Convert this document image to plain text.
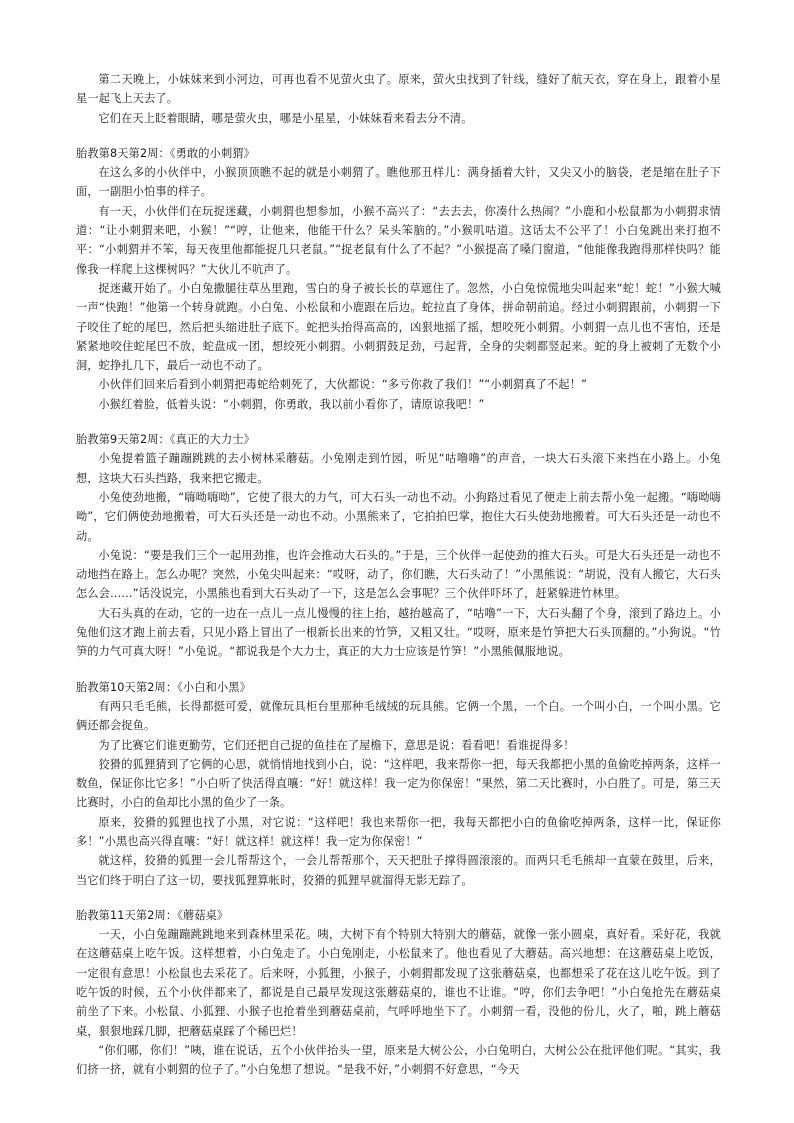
第二天晚上，小妹妹来到小河边，可再也看不见萤火虫了。原来，萤火虫找到了针线，缝好了航天衣，穿在身上，跟着小星星一起飞上天去了。

它们在天上眨着眼睛，哪是萤火虫，哪是小星星，小妹妹看来看去分不清。

胎教第8天第2周：《勇敢的小刺猬》

在这么多的小伙伴中，小猴顶顶瞧不起的就是小刺猬了。瞧他那丑样儿：满身插着大针，又尖又小的脑袋，老是缩在肚子下面，一副胆小怕事的样子。

有一天，小伙伴们在玩捉迷藏，小刺猬也想参加，小猴不高兴了：“去去去，你凑什么热闹？”小鹿和小松鼠都为小刺猬求情道：“让小刺猬来吧，小猴！”“哼，让他来，他能干什么？呆头笨脑的。”小猴叽咕道。这话太不公平了！小白兔跳出来打抱不平：“小刺猬并不笨，每天夜里他都能捉几只老鼠。”“捉老鼠有什么了不起？”小猴提高了嗓门窗道，“他能像我跑得那样快吗？能像我一样爬上这棵树吗？”大伙儿不吭声了。

捉迷藏开始了。小白兔撒腿往草丛里跑，雪白的身子被长长的草遮住了。忽然，小白兔惊慌地尖叫起来“蛇！蛇！”小猴大喊一声“快跑！”他第一个转身就跑。小白兔、小松鼠和小鹿跟在后边。蛇拉直了身体，拼命朝前追。经过小刺猬跟前，小刺猬一下子咬住了蛇的尾巴，然后把头缩进肚子底下。蛇把头抬得高高的，凶狠地摇了摇，想咬死小刺猬。小刺猬一点儿也不害怕，还是紧紧地咬住蛇尾巴不放，蛇盘成一团，想绞死小刺猬。小刺猬鼓足劲，弓起背，全身的尖刺都竖起来。蛇的身上被刺了无数个小洞，蛇挣扎几下，最后一动也不动了。

小伙伴们回来后看到小刺猬把毒蛇给刺死了，大伙都说：“多亏你救了我们！”“小刺猬真了不起！”

小猴红着脸，低着头说：“小刺猬，你勇敢，我以前小看你了，请原谅我吧！”

胎教第9天第2周：《真正的大力士》

小兔提着篮子蹦蹦跳跳的去小树林采蘑菇。小兔刚走到竹园，听见“咕噜噜”的声音，一块大石头滚下来挡在小路上。小兔想，这块大石头挡路，我来把它搬走。

小兔使劲地搬，“嗨呦嗨呦”，它使了很大的力气，可大石头一动也不动。小狗路过看见了便走上前去帮小兔一起搬。“嗨呦嗨呦”，它们俩使劲地搬着，可大石头还是一动也不动。小黑熊来了，它拍拍巴掌，抱住大石头使劲地搬着。可大石头还是一动也不动。

小兔说：“要是我们三个一起用劲推，也许会推动大石头的。”于是，三个伙伴一起使劲的推大石头。可是大石头还是一动也不动地挡在路上。怎么办呢？突然，小兔尖叫起来：“哎呀，动了，你们瞧，大石头动了！”小黑熊说：“胡说，没有人搬它，大石头怎么会……”话没说完，小黑熊也看到大石头动了一下，这是怎么会事呢？三个伙伴吓坏了，赶紧躲进竹林里。

大石头真的在动，它的一边在一点儿一点儿慢慢的往上抬，越抬越高了，“咕噜”一下，大石头翻了个身，滚到了路边上。小兔他们这才跑上前去看，只见小路上冒出了一根新长出来的竹笋，又粗又壮。“哎呀，原来是竹笋把大石头顶翻的。”小狗说。“竹笋的力气可真大呀！”小兔说。“都说我是个大力士，真正的大力士应该是竹笋！”小黑熊佩服地说。

胎教第10天第2周：《小白和小黑》

有两只毛毛熊，长得都挺可爱，就像玩具柜台里那种毛绒绒的玩具熊。它俩一个黑，一个白。一个叫小白，一个叫小黑。它俩还都会捉鱼。

为了比赛它们谁更勤劳，它们还把自己捉的鱼挂在了屋檐下，意思是说：看看吧！看谁捉得多！

狡猾的狐狸猜到了它俩的心思，就悄悄地找到小白，说：“这样吧，我来帮你一把，每天我都把小黑的鱼偷吃掉两条，这样一数鱼，保证你比它多！”小白听了快活得直嚷：“好！就这样！我一定为你保密！”果然，第二天比赛时，小白胜了。可是，第三天比赛时，小白的鱼却比小黑的鱼少了一条。

原来，狡猾的狐狸也找了小黑，对它说：“这样吧！我也来帮你一把，我每天都把小白的鱼偷吃掉两条，这样一比，保证你多！”小黑也高兴得直嚷：“好！就这样！就这样！我一定为你保密！”

就这样，狡猾的狐狸一会儿帮帮这个，一会儿帮帮那个，天天把肚子撑得圆滚滚的。而两只毛毛熊却一直蒙在鼓里，后来，当它们终于明白了这一切，要找狐狸算帐时，狡猾的狐狸早就溜得无影无踪了。

胎教第11天第2周：《蘑菇桌》

一天，小白兔蹦蹦跳跳地来到森林里采花。咦，大树下有个特别大特别大的蘑菇，就像一张小圆桌，真好看。采好花，我就在这蘑菇桌上吃午饭。这样想着，小白兔走了。小白兔刚走，小松鼠来了。他也看见了大蘑菇。高兴地想：在这蘑菇桌上吃饭，一定很有意思！小松鼠也去采花了。后来呀，小狐狸，小猴子，小刺猬都发现了这张蘑菇桌，也都想采了花在这儿吃午饭。到了吃午饭的时候，五个小伙伴都来了，都说是自己最早发现这张蘑菇桌的，谁也不让谁。“哼，你们去争吧！”小白兔抢先在蘑菇桌前坐了下来。小松鼠、小狐狸、小猴子也抢着坐到蘑菇桌前，气呼呼地坐下了。小刺猬一看，没他的份儿，火了，啪，跳上蘑菇桌，狠狠地踩几脚，把蘑菇桌踩了个稀巴烂！

“你们哪，你们！”咦，谁在说话，五个小伙伴抬头一望，原来是大树公公，小白兔明白，大树公公在批评他们呢。“其实，我们挤一挤，就有小刺猬的位子了。”小白兔想了想说。“是我不好，”小刺猬不好意思，“今天
